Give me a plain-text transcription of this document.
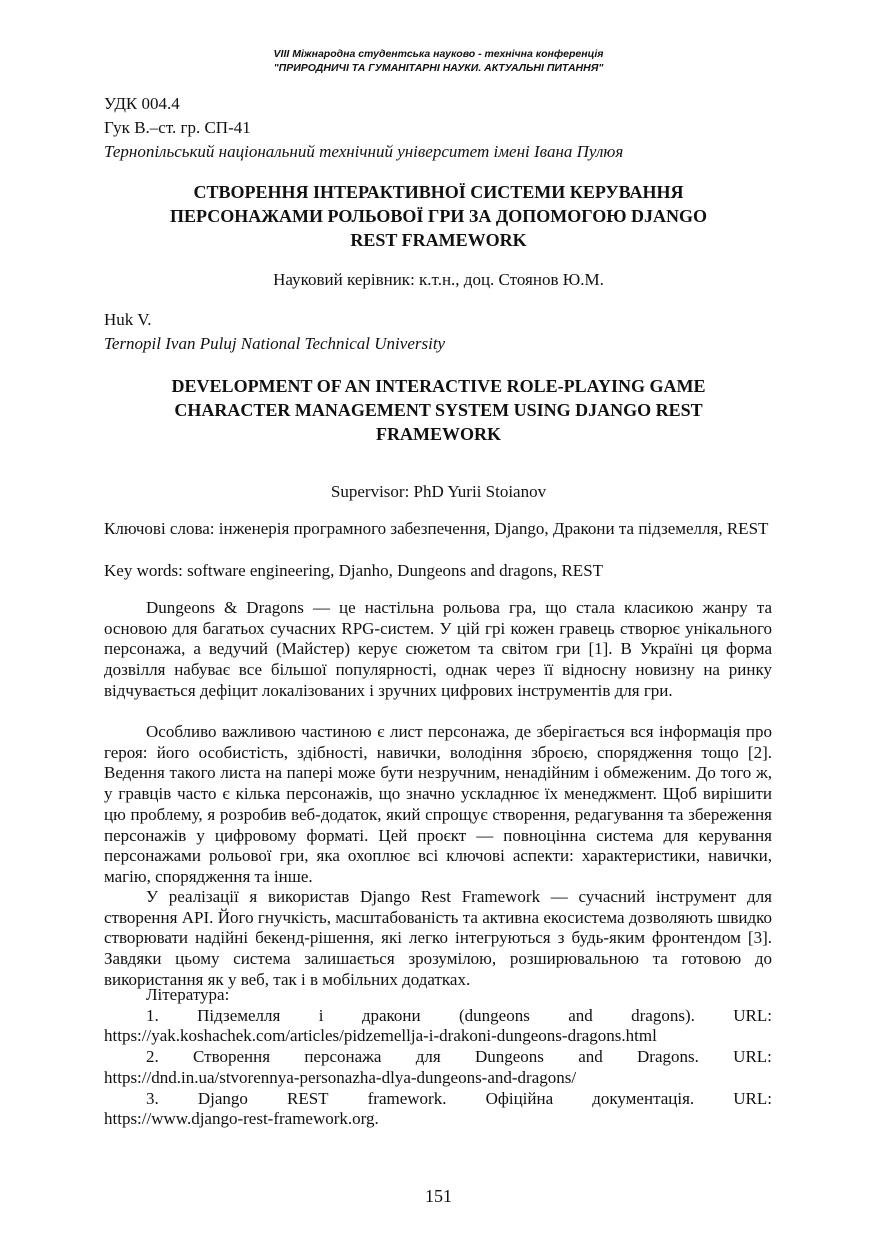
VIII Міжнародна студентська науково - технічна конференція
"ПРИРОДНИЧІ ТА ГУМАНІТАРНІ НАУКИ. АКТУАЛЬНІ ПИТАННЯ"
УДК 004.4
Гук В.–ст. гр. СП-41
Тернопільський національний технічний університет імені Івана Пулюя
СТВОРЕННЯ ІНТЕРАКТИВНОЇ СИСТЕМИ КЕРУВАННЯ
ПЕРСОНАЖАМИ РОЛЬОВОЇ ГРИ ЗА ДОПОМОГОЮ DJANGO
REST FRAMEWORK
Науковий керівник: к.т.н., доц. Стоянов Ю.М.
Huk V.
Ternopil Ivan Puluj National Technical University
DEVELOPMENT OF AN INTERACTIVE ROLE-PLAYING GAME
CHARACTER MANAGEMENT SYSTEM USING DJANGO REST
FRAMEWORK
Supervisor: PhD Yurii Stoianov
Ключові слова: інженерія програмного забезпечення, Django, Дракони та підземелля, REST
Key words: software engineering, Djanho, Dungeons and dragons, REST
Dungeons & Dragons — це настільна рольова гра, що стала класикою жанру та основою для багатьох сучасних RPG-систем. У цій грі кожен гравець створює унікального персонажа, а ведучий (Майстер) керує сюжетом та світом гри [1]. В Україні ця форма дозвілля набуває все більшої популярності, однак через її відносну новизну на ринку відчувається дефіцит локалізованих і зручних цифрових інструментів для гри.
Особливо важливою частиною є лист персонажа, де зберігається вся інформація про героя: його особистість, здібності, навички, володіння зброєю, спорядження тощо [2]. Ведення такого листа на папері може бути незручним, ненадійним і обмеженим. До того ж, у гравців часто є кілька персонажів, що значно ускладнює їх менеджмент. Щоб вирішити цю проблему, я розробив веб-додаток, який спрощує створення, редагування та збереження персонажів у цифровому форматі. Цей проєкт — повноцінна система для керування персонажами рольової гри, яка охоплює всі ключові аспекти: характеристики, навички, магію, спорядження та інше.
У реалізації я використав Django Rest Framework — сучасний інструмент для створення API. Його гнучкість, масштабованість та активна екосистема дозволяють швидко створювати надійні бекенд-рішення, які легко інтегруються з будь-яким фронтендом [3]. Завдяки цьому система залишається зрозумілою, розширювальною та готовою до використання як у веб, так і в мобільних додатках.
Література:
1. Підземелля і дракони (dungeons and dragons). URL:
https://yak.koshachek.com/articles/pidzemellja-i-drakoni-dungeons-dragons.html
2. Створення персонажа для Dungeons and Dragons. URL:
https://dnd.in.ua/stvorennya-personazha-dlya-dungeons-and-dragons/
3. Django REST framework. Офіційна документація. URL:
https://www.django-rest-framework.org.
151
